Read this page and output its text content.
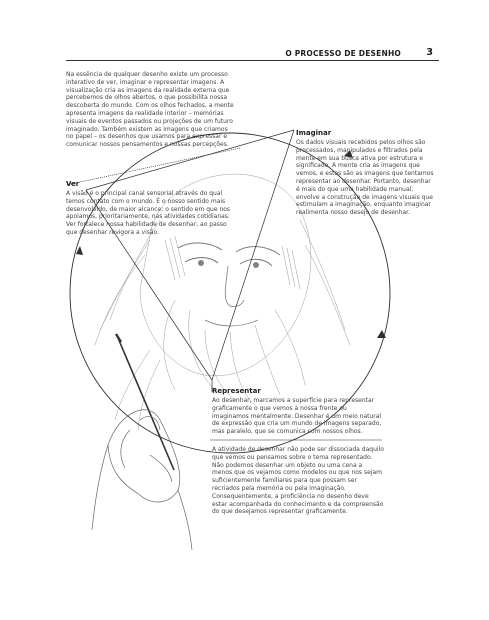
O PROCESSO DE DESENHO	3
Na essência de qualquer desenho existe um processo interativo de ver, imaginar e representar imagens. A visualização cria as imagens da realidade externa que percebemos de olhos abertos, o que possibilita nossa descoberta do mundo. Com os olhos fechados, a mente apresenta imagens da realidade interior – memórias visuais de eventos passados ou projeções de um futuro imaginado. Também existem as imagens que criamos no papel – os desenhos que usamos para expressar e comunicar nossos pensamentos e nossas percepções.
Ver
A visão é o principal canal sensorial através do qual temos contato com o mundo. É o nosso sentido mais desenvolvido, de maior alcance; o sentido em que nos apoiamos, prioritariamente, nas atividades cotidianas. Ver fortalece nossa habilidade de desenhar, ao passo que desenhar revigora a visão.
Imaginar
Os dados visuais recebidos pelos olhos são processados, manipulados e filtrados pela mente em sua busca ativa por estrutura e significado. A mente cria as imagens que vemos, e estas são as imagens que tentamos representar ao desenhar. Portanto, desenhar é mais do que uma habilidade manual; envolve a construção de imagens visuais que estimulam a imaginação, enquanto imaginar realimenta nosso desejo de desenhar.
Representar
Ao desenhar, marcamos a superfície para representar graficamente o que vemos à nossa frente ou imaginamos mentalmente. Desenhar é um meio natural de expressão que cria um mundo de imagens separado, mas paralelo, que se comunica com nossos olhos.
A atividade de desenhar não pode ser dissociada daquilo que vemos ou pensamos sobre o tema representado. Não podemos desenhar um objeto ou uma cena a menos que os vejamos como modelos ou que nos sejam suficientemente familiares para que possam ser recriados pela memória ou pela imaginação. Consequentemente, a proficiência no desenho deve estar acompanhada do conhecimento e da compreensão do que desejamos representar graficamente.
